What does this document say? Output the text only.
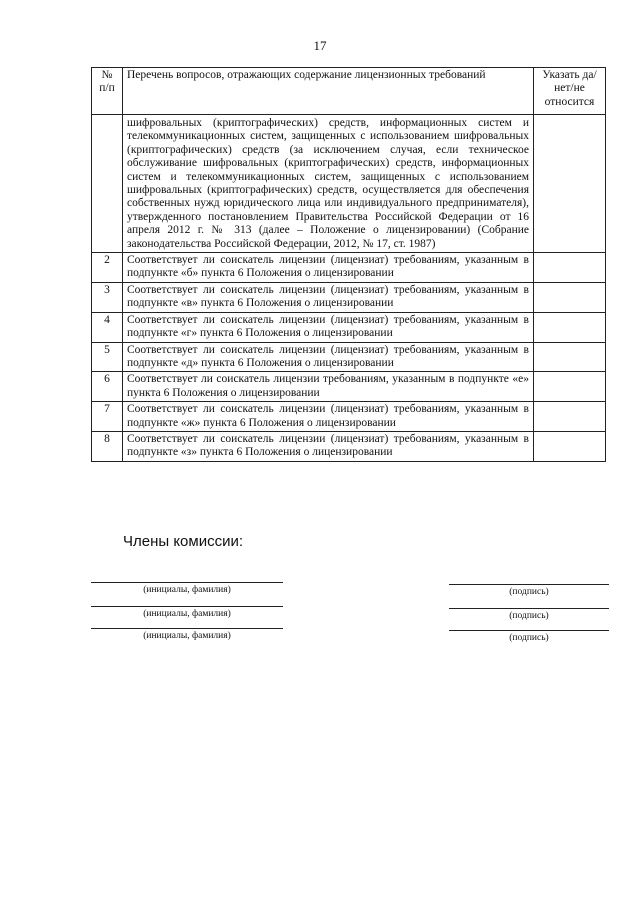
17
№ п/п	Перечень вопросов, отражающих содержание лицензионных требований	Указать да/нет/не относится
	шифровальных (криптографических) средств, информационных систем и телекоммуникационных систем, защищенных с использованием шифровальных (криптографических) средств (за исключением случая, если техническое обслуживание шифровальных (криптографических) средств, информационных систем и телекоммуникационных систем, защищенных с использованием шифровальных (криптографических) средств, осуществляется для обеспечения собственных нужд юридического лица или индивидуального предпринимателя), утвержденного постановлением Правительства Российской Федерации от 16 апреля 2012 г. № 313 (далее – Положение о лицензировании) (Собрание законодательства Российской Федерации, 2012, № 17, ст. 1987)	
2	Соответствует ли соискатель лицензии (лицензиат) требованиям, указанным в подпункте «б» пункта 6 Положения о лицензировании	
3	Соответствует ли соискатель лицензии (лицензиат) требованиям, указанным в подпункте «в» пункта 6 Положения о лицензировании	
4	Соответствует ли соискатель лицензии (лицензиат) требованиям, указанным в подпункте «г» пункта 6 Положения о лицензировании	
5	Соответствует ли соискатель лицензии (лицензиат) требованиям, указанным в подпункте «д» пункта 6 Положения о лицензировании	
6	Соответствует ли соискатель лицензии требованиям, указанным в подпункте «е» пункта 6 Положения о лицензировании	
7	Соответствует ли соискатель лицензии (лицензиат) требованиям, указанным в подпункте «ж» пункта 6 Положения о лицензировании	
8	Соответствует ли соискатель лицензии (лицензиат) требованиям, указанным в подпункте «з» пункта 6 Положения о лицензировании	
Члены комиссии:
(инициалы, фамилия)	(подпись)
(инициалы, фамилия)	(подпись)
(инициалы, фамилия)	(подпись)
